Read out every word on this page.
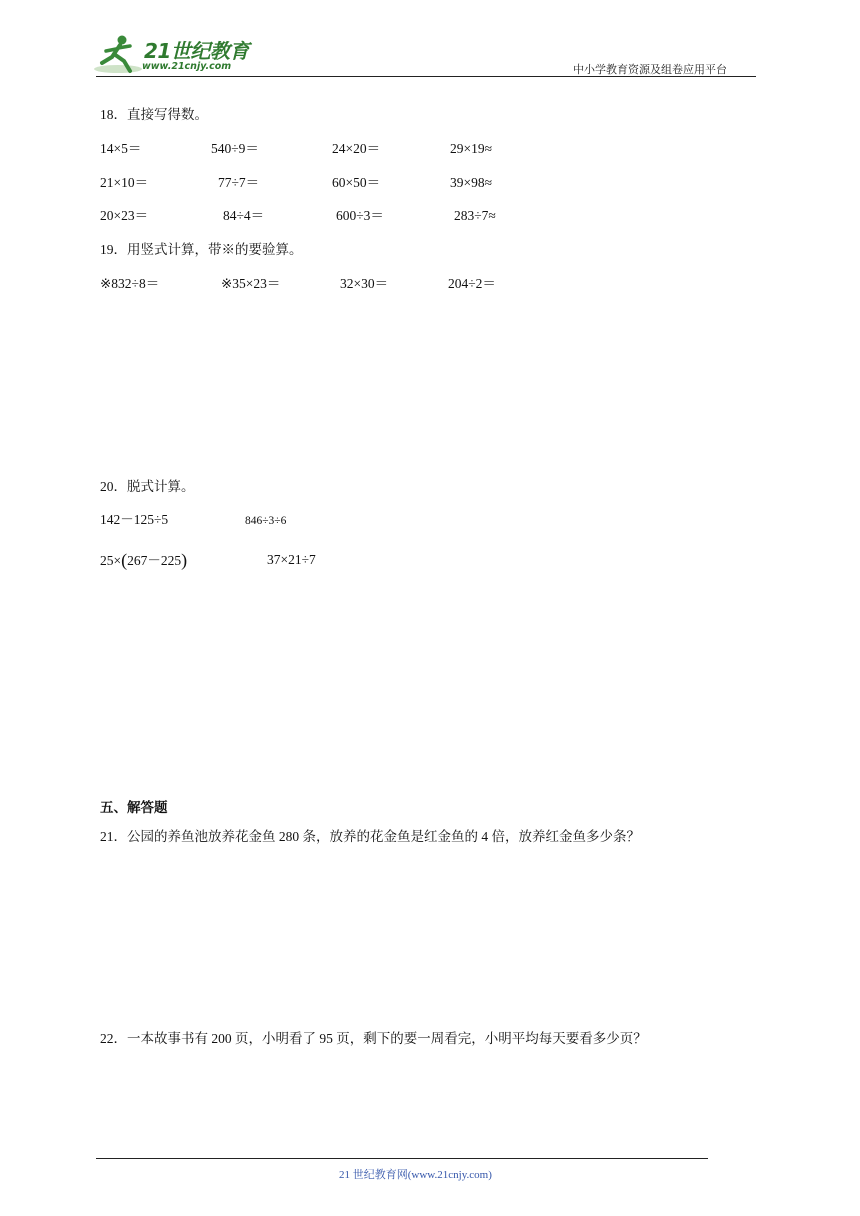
21世纪教育
www.21cnjy.com	中小学教育资源及组卷应用平台
18．直接写得数。
14×5＝	540÷9＝	24×20＝	29×19≈
21×10＝	77÷7＝	60×50＝	39×98≈
20×23＝	84÷4＝	600÷3＝	283÷7≈
19．用竖式计算，带※的要验算。
※832÷8＝	※35×23＝	32×30＝	204÷2＝
20．脱式计算。
142－125÷5	846÷3÷6
25×(267－225)	37×21÷7
五、解答题
21．公园的养鱼池放养花金鱼 280 条，放养的花金鱼是红金鱼的 4 倍，放养红金鱼多少条？
22．一本故事书有 200 页，小明看了 95 页，剩下的要一周看完，小明平均每天要看多少页？
21 世纪教育网(www.21cnjy.com)
